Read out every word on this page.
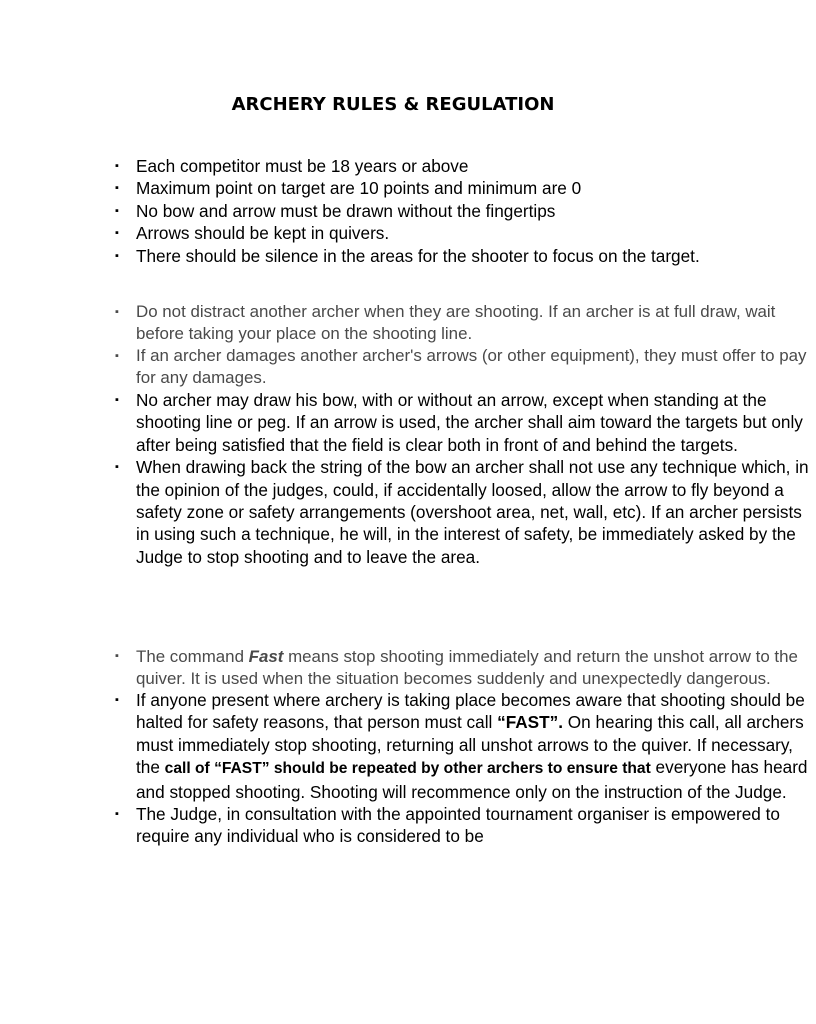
ARCHERY RULES & REGULATION
▪
Each competitor must be 18 years or above
▪
Maximum point on target are 10 points and minimum are 0
▪
No bow and arrow must be drawn without the fingertips
▪
Arrows should be kept in quivers.
▪
There should be silence in the areas for the shooter to focus on the target.
▪
Do not distract another archer when they are shooting. If an archer is at full draw, wait before taking your place on the shooting line.
▪
If an archer damages another archer's arrows (or other equipment), they must offer to pay for any damages.
▪
No archer may draw his bow, with or without an arrow, except when standing at the shooting line or peg. If an arrow is used, the archer shall aim toward the targets but only after being satisfied that the field is clear both in front of and behind the targets.
▪
When drawing back the string of the bow an archer shall not use any technique which, in the opinion of the judges, could, if accidentally loosed, allow the arrow to fly beyond a safety zone or safety arrangements (overshoot area, net, wall, etc). If an archer persists in using such a technique, he will, in the interest of safety, be immediately asked by the Judge to stop shooting and to leave the area.
▪
The command Fast means stop shooting immediately and return the unshot arrow to the quiver. It is used when the situation becomes suddenly and unexpectedly dangerous.
▪
If anyone present where archery is taking place becomes aware that shooting should be halted for safety reasons, that person must call “FAST”. On hearing this call, all archers must immediately stop shooting, returning all unshot arrows to the quiver. If necessary, the call of “FAST” should be repeated by other archers to ensure that everyone has heard and stopped shooting. Shooting will recommence only on the instruction of the Judge.
▪
The Judge, in consultation with the appointed tournament organiser is empowered to require any individual who is considered to be
